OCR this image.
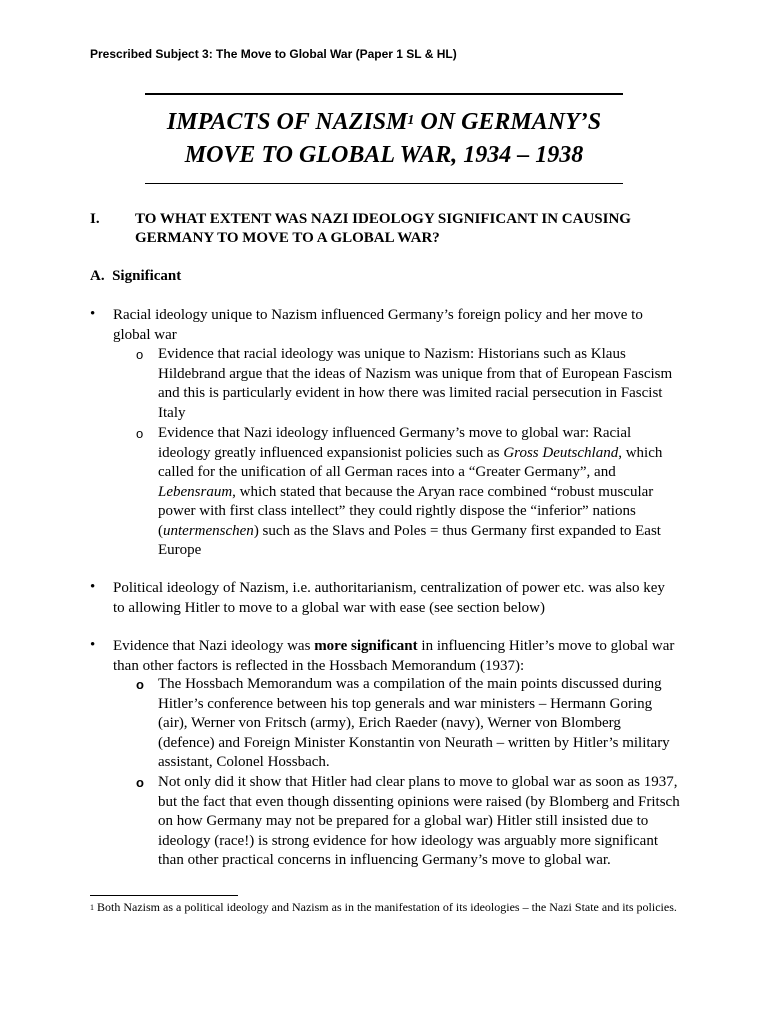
Prescribed Subject 3: The Move to Global War (Paper 1 SL & HL)
IMPACTS OF NAZISM$^1$ ON GERMANY’S
MOVE TO GLOBAL WAR, 1934 – 1938
I. TO WHAT EXTENT WAS NAZI IDEOLOGY SIGNIFICANT IN CAUSING GERMANY TO MOVE TO A GLOBAL WAR?
A. Significant
• Racial ideology unique to Nazism influenced Germany’s foreign policy and her move to global war
o Evidence that racial ideology was unique to Nazism: Historians such as Klaus Hildebrand argue that the ideas of Nazism was unique from that of European Fascism and this is particularly evident in how there was limited racial persecution in Fascist Italy
o Evidence that Nazi ideology influenced Germany’s move to global war: Racial ideology greatly influenced expansionist policies such as Gross Deutschland, which called for the unification of all German races into a “Greater Germany”, and Lebensraum, which stated that because the Aryan race combined “robust muscular power with first class intellect” they could rightly dispose the “inferior” nations (untermenschen) such as the Slavs and Poles = thus Germany first expanded to East Europe
• Political ideology of Nazism, i.e. authoritarianism, centralization of power etc. was also key to allowing Hitler to move to a global war with ease (see section below)
• Evidence that Nazi ideology was more significant in influencing Hitler’s move to global war than other factors is reflected in the Hossbach Memorandum (1937):
o The Hossbach Memorandum was a compilation of the main points discussed during Hitler’s conference between his top generals and war ministers – Hermann Goring (air), Werner von Fritsch (army), Erich Raeder (navy), Werner von Blomberg (defence) and Foreign Minister Konstantin von Neurath – written by Hitler’s military assistant, Colonel Hossbach.
o Not only did it show that Hitler had clear plans to move to global war as soon as 1937, but the fact that even though dissenting opinions were raised (by Blomberg and Fritsch on how Germany may not be prepared for a global war) Hitler still insisted due to ideology (race!) is strong evidence for how ideology was arguably more significant than other practical concerns in influencing Germany’s move to global war.
$^1$ Both Nazism as a political ideology and Nazism as in the manifestation of its ideologies – the Nazi State and its policies.
